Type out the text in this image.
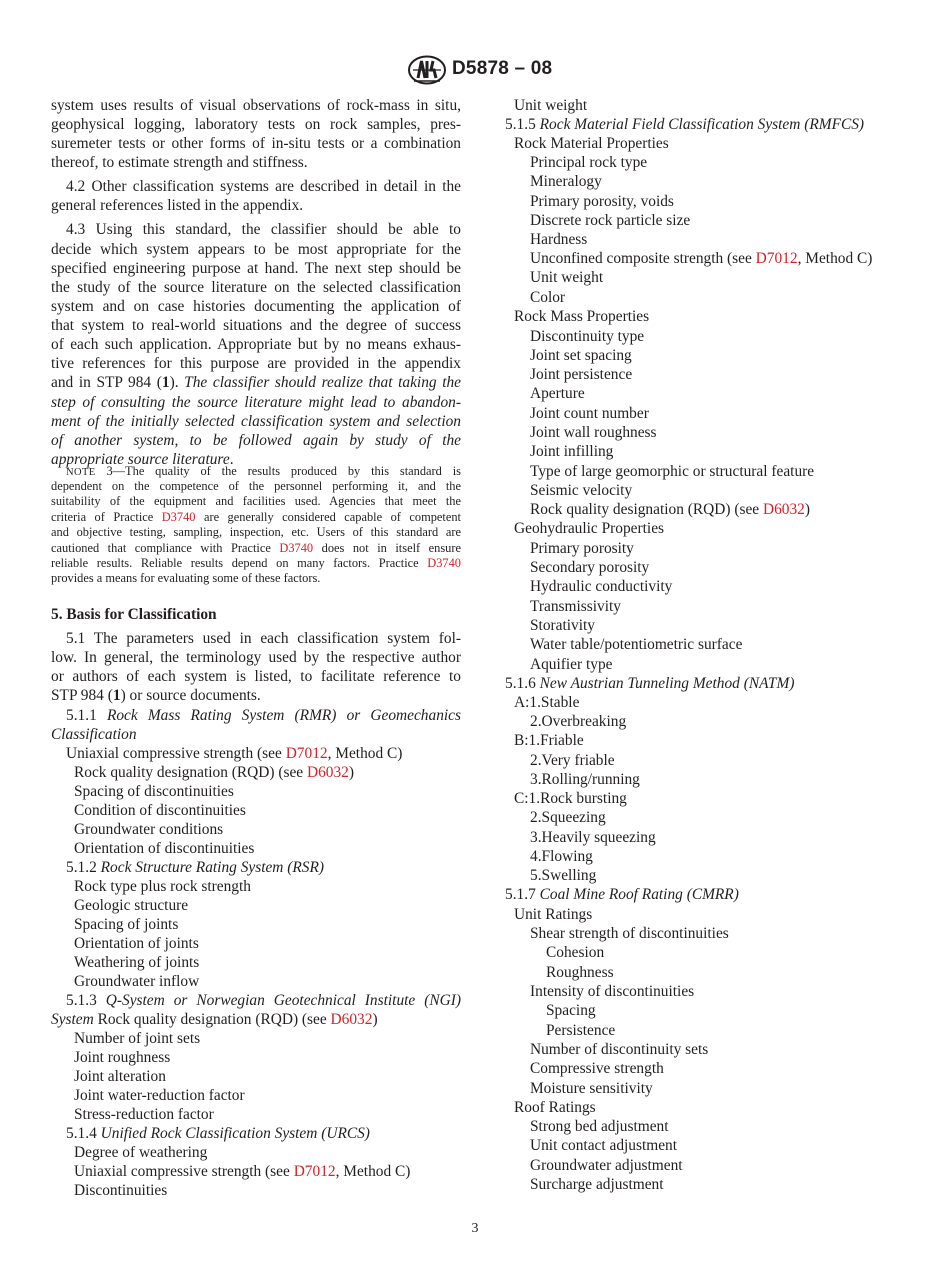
D5878 – 08
system uses results of visual observations of rock-mass in situ,
geophysical logging, laboratory tests on rock samples, pres-
suremeter tests or other forms of in-situ tests or a combination
thereof, to estimate strength and stiffness.
4.2 Other classification systems are described in detail in the
general references listed in the appendix.
4.3 Using this standard, the classifier should be able to
decide which system appears to be most appropriate for the
specified engineering purpose at hand. The next step should be
the study of the source literature on the selected classification
system and on case histories documenting the application of
that system to real-world situations and the degree of success
of each such application. Appropriate but by no means exhaus-
tive references for this purpose are provided in the appendix
and in STP 984 (1). The classifier should realize that taking the
step of consulting the source literature might lead to abandon-
ment of the initially selected classification system and selection
of another system, to be followed again by study of the
appropriate source literature.
NOTE 3—The quality of the results produced by this standard is
dependent on the competence of the personnel performing it, and the
suitability of the equipment and facilities used. Agencies that meet the
criteria of Practice D3740 are generally considered capable of competent
and objective testing, sampling, inspection, etc. Users of this standard are
cautioned that compliance with Practice D3740 does not in itself ensure
reliable results. Reliable results depend on many factors. Practice D3740
provides a means for evaluating some of these factors.
5. Basis for Classification
5.1 The parameters used in each classification system fol-
low. In general, the terminology used by the respective author
or authors of each system is listed, to facilitate reference to
STP 984 (1) or source documents.
5.1.1 Rock Mass Rating System (RMR) or Geomechanics
Classification
Uniaxial compressive strength (see D7012, Method C)
Rock quality designation (RQD) (see D6032)
Spacing of discontinuities
Condition of discontinuities
Groundwater conditions
Orientation of discontinuities
5.1.2 Rock Structure Rating System (RSR)
Rock type plus rock strength
Geologic structure
Spacing of joints
Orientation of joints
Weathering of joints
Groundwater inflow
5.1.3 Q-System or Norwegian Geotechnical Institute (NGI)
System Rock quality designation (RQD) (see D6032)
Number of joint sets
Joint roughness
Joint alteration
Joint water-reduction factor
Stress-reduction factor
5.1.4 Unified Rock Classification System (URCS)
Degree of weathering
Uniaxial compressive strength (see D7012, Method C)
Discontinuities
Unit weight
5.1.5 Rock Material Field Classification System (RMFCS)
Rock Material Properties
Principal rock type
Mineralogy
Primary porosity, voids
Discrete rock particle size
Hardness
Unconfined composite strength (see D7012, Method C)
Unit weight
Color
Rock Mass Properties
Discontinuity type
Joint set spacing
Joint persistence
Aperture
Joint count number
Joint wall roughness
Joint infilling
Type of large geomorphic or structural feature
Seismic velocity
Rock quality designation (RQD) (see D6032)
Geohydraulic Properties
Primary porosity
Secondary porosity
Hydraulic conductivity
Transmissivity
Storativity
Water table/potentiometric surface
Aquifier type
5.1.6 New Austrian Tunneling Method (NATM)
A:1.Stable
2.Overbreaking
B:1.Friable
2.Very friable
3.Rolling/running
C:1.Rock bursting
2.Squeezing
3.Heavily squeezing
4.Flowing
5.Swelling
5.1.7 Coal Mine Roof Rating (CMRR)
Unit Ratings
Shear strength of discontinuities
Cohesion
Roughness
Intensity of discontinuities
Spacing
Persistence
Number of discontinuity sets
Compressive strength
Moisture sensitivity
Roof Ratings
Strong bed adjustment
Unit contact adjustment
Groundwater adjustment
Surcharge adjustment
3
